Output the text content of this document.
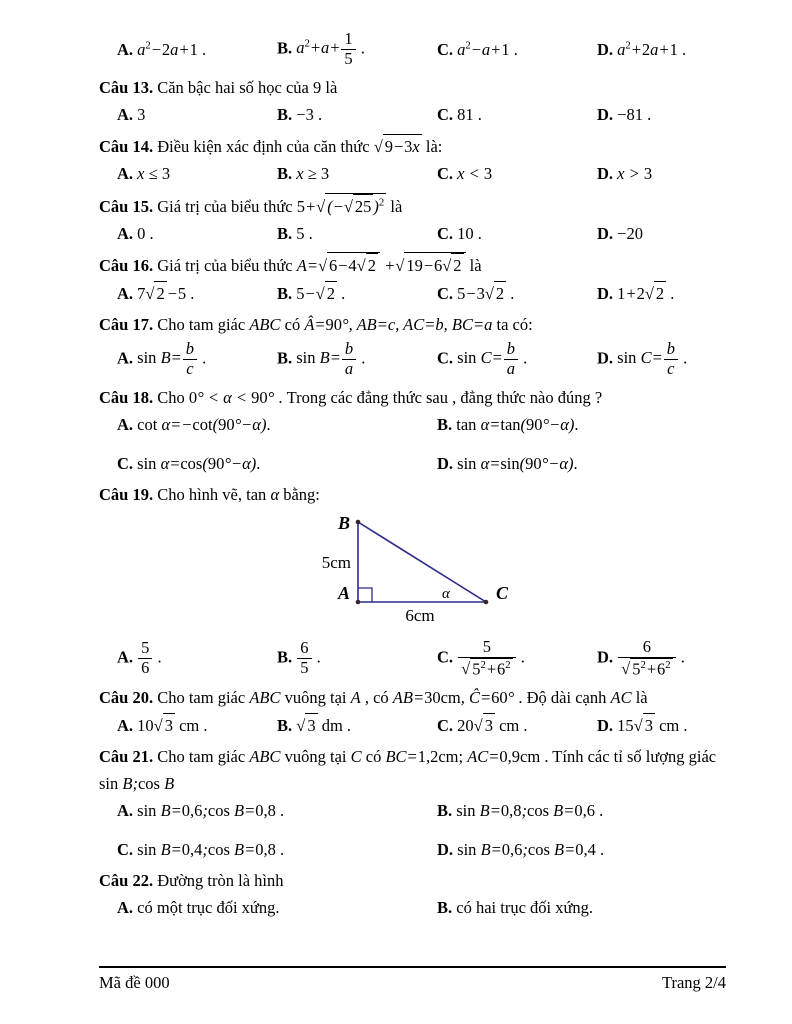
A. $a^2-2a+1$ .	B. $a^2+a+ \frac{1}{5}$ .	C. $a^2-a+1$ .	D. $a^2+2a+1$ .

Câu 13. Căn bậc hai số học của 9 là

A. 3	B. −3 .	C. 81 .	D. −81 .

Câu 14. Điều kiện xác định của căn thức √ 9−3x là:

A. x ≤ 3	B. x ≥ 3	C. x < 3	D. x > 3

Câu 15. Giá trị của biểu thức 5+√ (−√ 25 )$^2$ là

A. 0 .	B. 5 .	C. 10 .	D. −20

Câu 16. Giá trị của biểu thức A=√ 6−4√ 2 +√ 19−6√ 2 là

A. 7√ 2 −5 .	B. 5−√ 2 .	C. 5−3√ 2 .	D. 1+2√ 2 .

Câu 17. Cho tam giác ABC có Â=90°, AB=c, AC=b, BC=a ta có:

A. $\sin B= \frac{b}{c}$ .	B. $\sin B= \frac{b}{a}$ .	C. $\sin C= \frac{b}{a}$ .	D. $\sin C= \frac{b}{c}$ .

Câu 18. Cho 0° < α < 90° . Trong các đẳng thức sau , đẳng thức nào đúng ?

A. cot α=−cot(90°−α).	B. tan α=tan(90°−α).
C. sin α=cos(90°−α).	D. sin α=sin(90°−α).

Câu 19. Cho hình vẽ, tan α bằng:

B
A	C
α
5cm
6cm
A. $\frac{5}{6}$ .	B. $\frac{6}{5}$ .	C. $\frac{5}{√ 5^2+6^2}$ .	D. $\frac{6}{√ 5^2+6^2}$ .

Câu 20. Cho tam giác ABC vuông tại A , có AB=30cm, Ĉ=60° . Độ dài cạnh AC là

A. 10√ 3 cm .	B. √ 3 dm .	C. 20√ 3 cm .	D. 15√ 3 cm .

Câu 21. Cho tam giác ABC vuông tại C có BC=1,2cm; AC=0,9cm . Tính các tỉ số lượng giác

sin B;cos B

A. sin B=0,6;cos B=0,8 .	B. sin B=0,8;cos B=0,6 .
C. sin B=0,4;cos B=0,8 .	D. sin B=0,6;cos B=0,4 .

Câu 22. Đường tròn là hình

A. có một trục đối xứng.	B. có hai trục đối xứng.
Mã đề 000	Trang 2/4
